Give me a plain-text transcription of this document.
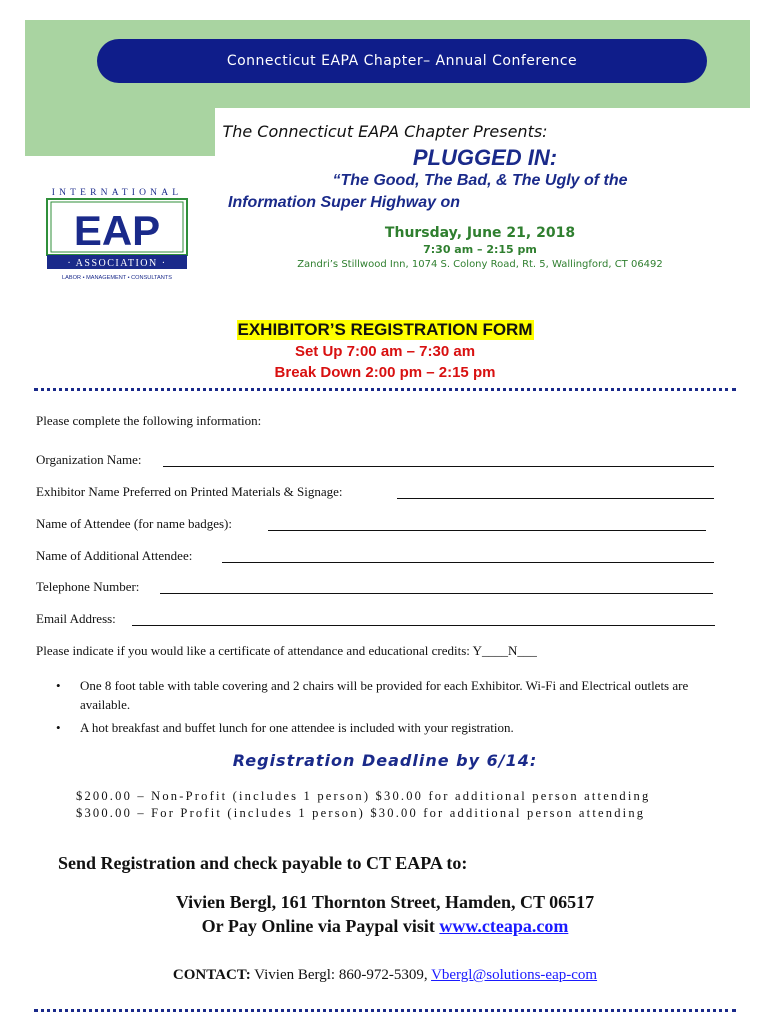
Connecticut EAPA Chapter– Annual Conference
The Connecticut EAPA Chapter Presents:
PLUGGED IN:
“The Good, The Bad, & The Ugly of the
Information Super Highway on
Thursday, June 21, 2018
7:30 am – 2:15 pm
Zandri’s Stillwood Inn, 1074 S. Colony Road, Rt. 5, Wallingford, CT 06492
INTERNATIONAL
EAP
· ASSOCIATION ·
LABOR • MANAGEMENT • CONSULTANTS
EXHIBITOR’S REGISTRATION FORM
Set Up 7:00 am – 7:30 am
Break Down 2:00 pm – 2:15 pm
Please complete the following information:
Organization Name:
Exhibitor Name Preferred on Printed Materials & Signage:
Name of Attendee (for name badges):
Name of Additional Attendee:
Telephone Number:
Email Address:
Please indicate if you would like a certificate of attendance and educational credits: Y____N___
•	One 8 foot table with table covering and 2 chairs will be provided for each Exhibitor. Wi-Fi and Electrical outlets are available.
•	A hot breakfast and buffet lunch for one attendee is included with your registration.
Registration Deadline by 6/14:
$200.00 – Non-Profit (includes 1 person) $30.00 for additional person attending
$300.00 – For Profit (includes 1 person) $30.00 for additional person attending
Send Registration and check payable to CT EAPA to:
Vivien Bergl, 161 Thornton Street, Hamden, CT 06517
Or Pay Online via Paypal visit www.cteapa.com
CONTACT: Vivien Bergl: 860-972-5309, Vbergl@solutions-eap-com
